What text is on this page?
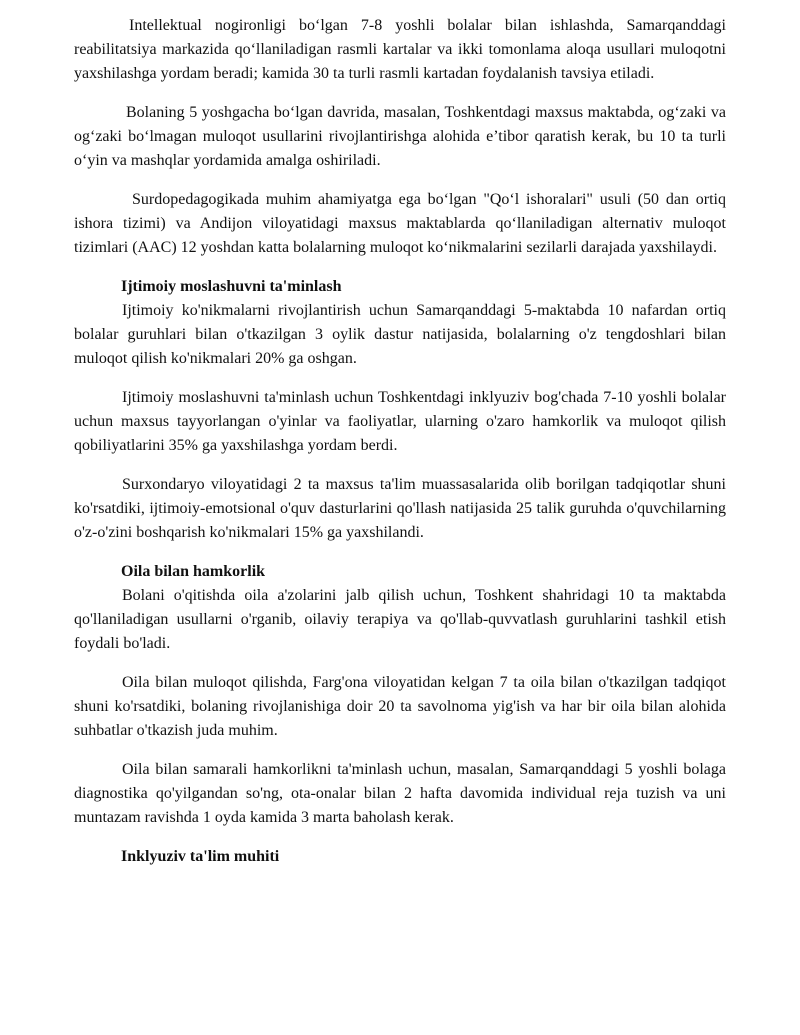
Intellektual nogironligi bo‘lgan 7-8 yoshli bolalar bilan ishlashda, Samarqanddagi reabilitatsiya markazida qo‘llaniladigan rasmli kartalar va ikki tomonlama aloqa usullari muloqotni yaxshilashga yordam beradi; kamida 30 ta turli rasmli kartadan foydalanish tavsiya etiladi.

Bolaning 5 yoshgacha bo‘lgan davrida, masalan, Toshkentdagi maxsus maktabda, og‘zaki va og‘zaki bo‘lmagan muloqot usullarini rivojlantirishga alohida e’tibor qaratish kerak, bu 10 ta turli o‘yin va mashqlar yordamida amalga oshiriladi.

Surdopedagogikada muhim ahamiyatga ega bo‘lgan "Qo‘l ishoralari" usuli (50 dan ortiq ishora tizimi) va Andijon viloyatidagi maxsus maktablarda qo‘llaniladigan alternativ muloqot tizimlari (AAC) 12 yoshdan katta bolalarning muloqot ko‘nikmalarini sezilarli darajada yaxshilaydi.

Ijtimoiy moslashuvni ta'minlash

Ijtimoiy ko'nikmalarni rivojlantirish uchun Samarqanddagi 5-maktabda 10 nafardan ortiq bolalar guruhlari bilan o'tkazilgan 3 oylik dastur natijasida, bolalarning o'z tengdoshlari bilan muloqot qilish ko'nikmalari 20% ga oshgan.

Ijtimoiy moslashuvni ta'minlash uchun Toshkentdagi inklyuziv bog'chada 7-10 yoshli bolalar uchun maxsus tayyorlangan o'yinlar va faoliyatlar, ularning o'zaro hamkorlik va muloqot qilish qobiliyatlarini 35% ga yaxshilashga yordam berdi.

Surxondaryo viloyatidagi 2 ta maxsus ta'lim muassasalarida olib borilgan tadqiqotlar shuni ko'rsatdiki, ijtimoiy-emotsional o'quv dasturlarini qo'llash natijasida 25 talik guruhda o'quvchilarning o'z-o'zini boshqarish ko'nikmalari 15% ga yaxshilandi.

Oila bilan hamkorlik

Bolani o'qitishda oila a'zolarini jalb qilish uchun, Toshkent shahridagi 10 ta maktabda qo'llaniladigan usullarni o'rganib, oilaviy terapiya va qo'llab-quvvatlash guruhlarini tashkil etish foydali bo'ladi.

Oila bilan muloqot qilishda, Farg'ona viloyatidan kelgan 7 ta oila bilan o'tkazilgan tadqiqot shuni ko'rsatdiki, bolaning rivojlanishiga doir 20 ta savolnoma yig'ish va har bir oila bilan alohida suhbatlar o'tkazish juda muhim.

Oila bilan samarali hamkorlikni ta'minlash uchun, masalan, Samarqanddagi 5 yoshli bolaga diagnostika qo'yilgandan so'ng, ota-onalar bilan 2 hafta davomida individual reja tuzish va uni muntazam ravishda 1 oyda kamida 3 marta baholash kerak.

Inklyuziv ta'lim muhiti
